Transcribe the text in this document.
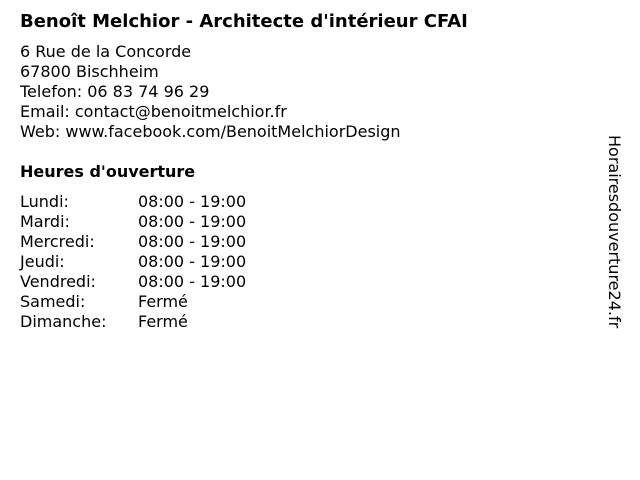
Benoît Melchior - Architecte d'intérieur CFAI
6 Rue de la Concorde
67800 Bischheim
Telefon: 06 83 74 96 29
Email: contact@benoitmelchior.fr
Web: www.facebook.com/BenoitMelchiorDesign
Heures d'ouverture
Lundi:	08:00 - 19:00
Mardi:	08:00 - 19:00
Mercredi:	08:00 - 19:00
Jeudi:	08:00 - 19:00
Vendredi:	08:00 - 19:00
Samedi:	Fermé
Dimanche:	Fermé	Horairesdouverture24.fr
